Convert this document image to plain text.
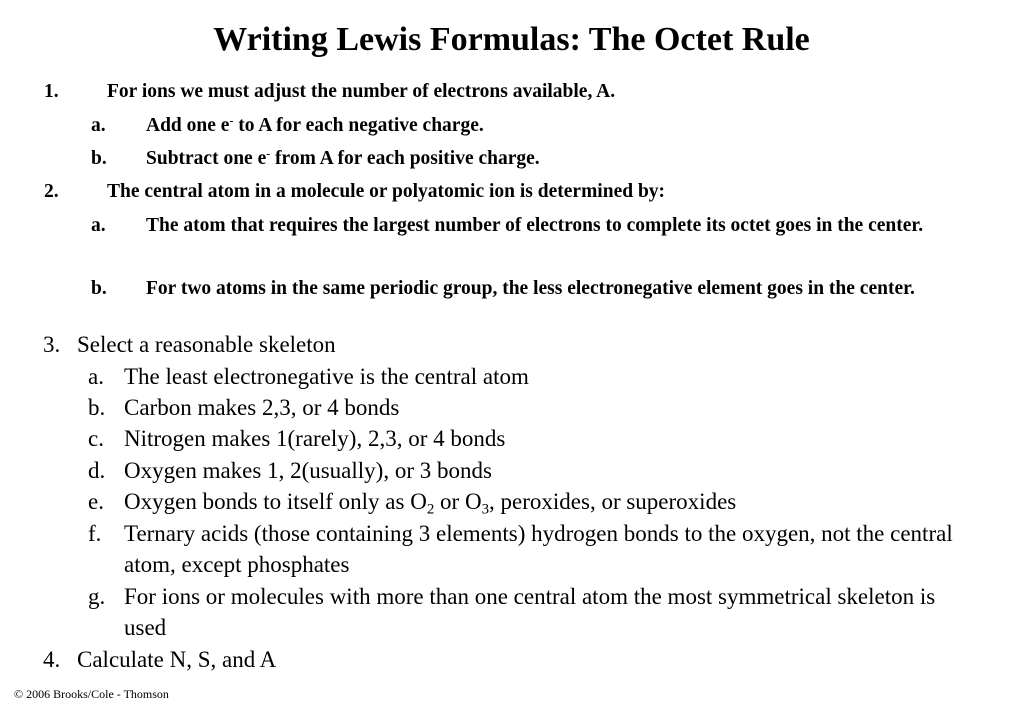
Writing Lewis Formulas: The Octet Rule
1. For ions we must adjust the number of electrons available, A.
a. Add one e- to A for each negative charge.
b. Subtract one e- from A for each positive charge.
2. The central atom in a molecule or polyatomic ion is determined by:
a. The atom that requires the largest number of electrons to complete its octet goes in the center.
b. For two atoms in the same periodic group, the less electronegative element goes in the center.
3. Select a reasonable skeleton
a. The least electronegative is the central atom
b. Carbon makes 2,3, or 4 bonds
c. Nitrogen makes 1(rarely), 2,3, or 4 bonds
d. Oxygen makes 1, 2(usually), or 3 bonds
e. Oxygen bonds to itself only as $O_2$ or $O_3$, peroxides, or superoxides
f. Ternary acids (those containing 3 elements) hydrogen bonds to the oxygen, not the central atom, except phosphates
g. For ions or molecules with more than one central atom the most symmetrical skeleton is used
4. Calculate N, S, and A
© 2006 Brooks/Cole - Thomson
